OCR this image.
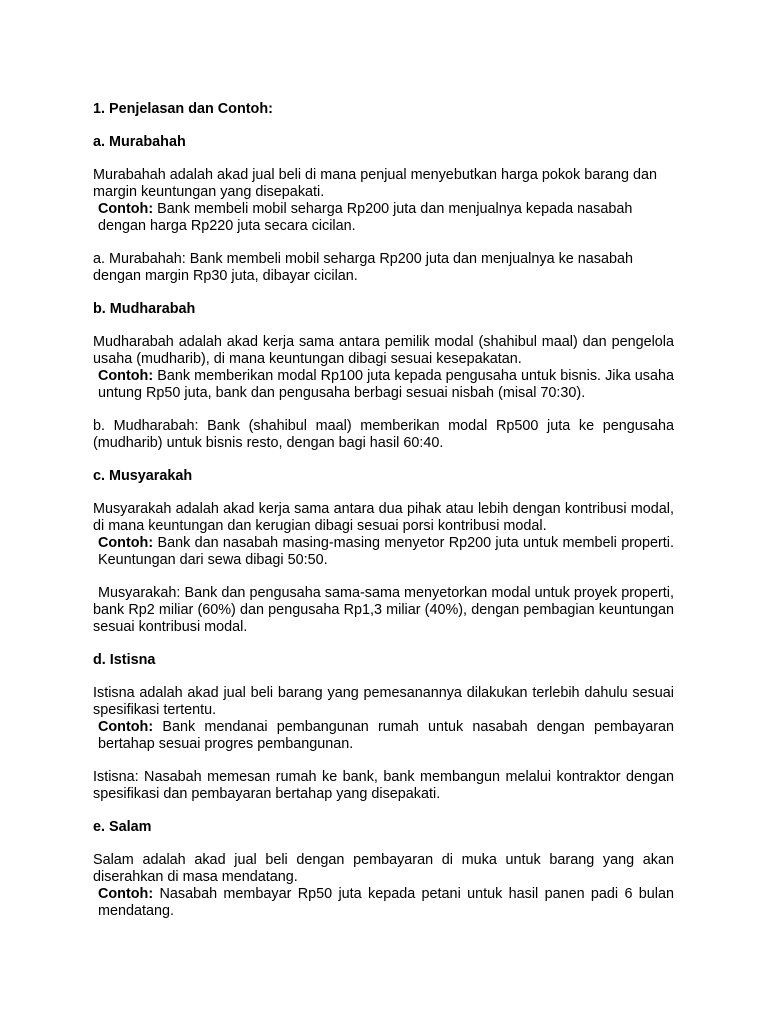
1. Penjelasan dan Contoh:
a. Murabahah
Murabahah adalah akad jual beli di mana penjual menyebutkan harga pokok barang dan margin keuntungan yang disepakati.
Contoh: Bank membeli mobil seharga Rp200 juta dan menjualnya kepada nasabah dengan harga Rp220 juta secara cicilan.
a. Murabahah: Bank membeli mobil seharga Rp200 juta dan menjualnya ke nasabah dengan margin Rp30 juta, dibayar cicilan.
b. Mudharabah
Mudharabah adalah akad kerja sama antara pemilik modal (shahibul maal) dan pengelola usaha (mudharib), di mana keuntungan dibagi sesuai kesepakatan.
Contoh: Bank memberikan modal Rp100 juta kepada pengusaha untuk bisnis. Jika usaha untung Rp50 juta, bank dan pengusaha berbagi sesuai nisbah (misal 70:30).
b. Mudharabah: Bank (shahibul maal) memberikan modal Rp500 juta ke pengusaha (mudharib) untuk bisnis resto, dengan bagi hasil 60:40.
c. Musyarakah
Musyarakah adalah akad kerja sama antara dua pihak atau lebih dengan kontribusi modal, di mana keuntungan dan kerugian dibagi sesuai porsi kontribusi modal.
Contoh: Bank dan nasabah masing-masing menyetor Rp200 juta untuk membeli properti. Keuntungan dari sewa dibagi 50:50.
Musyarakah: Bank dan pengusaha sama-sama menyetorkan modal untuk proyek properti, bank Rp2 miliar (60%) dan pengusaha Rp1,3 miliar (40%), dengan pembagian keuntungan sesuai kontribusi modal.
d. Istisna
Istisna adalah akad jual beli barang yang pemesanannya dilakukan terlebih dahulu sesuai spesifikasi tertentu.
Contoh: Bank mendanai pembangunan rumah untuk nasabah dengan pembayaran bertahap sesuai progres pembangunan.
Istisna: Nasabah memesan rumah ke bank, bank membangun melalui kontraktor dengan spesifikasi dan pembayaran bertahap yang disepakati.
e. Salam
Salam adalah akad jual beli dengan pembayaran di muka untuk barang yang akan diserahkan di masa mendatang.
Contoh: Nasabah membayar Rp50 juta kepada petani untuk hasil panen padi 6 bulan mendatang.
